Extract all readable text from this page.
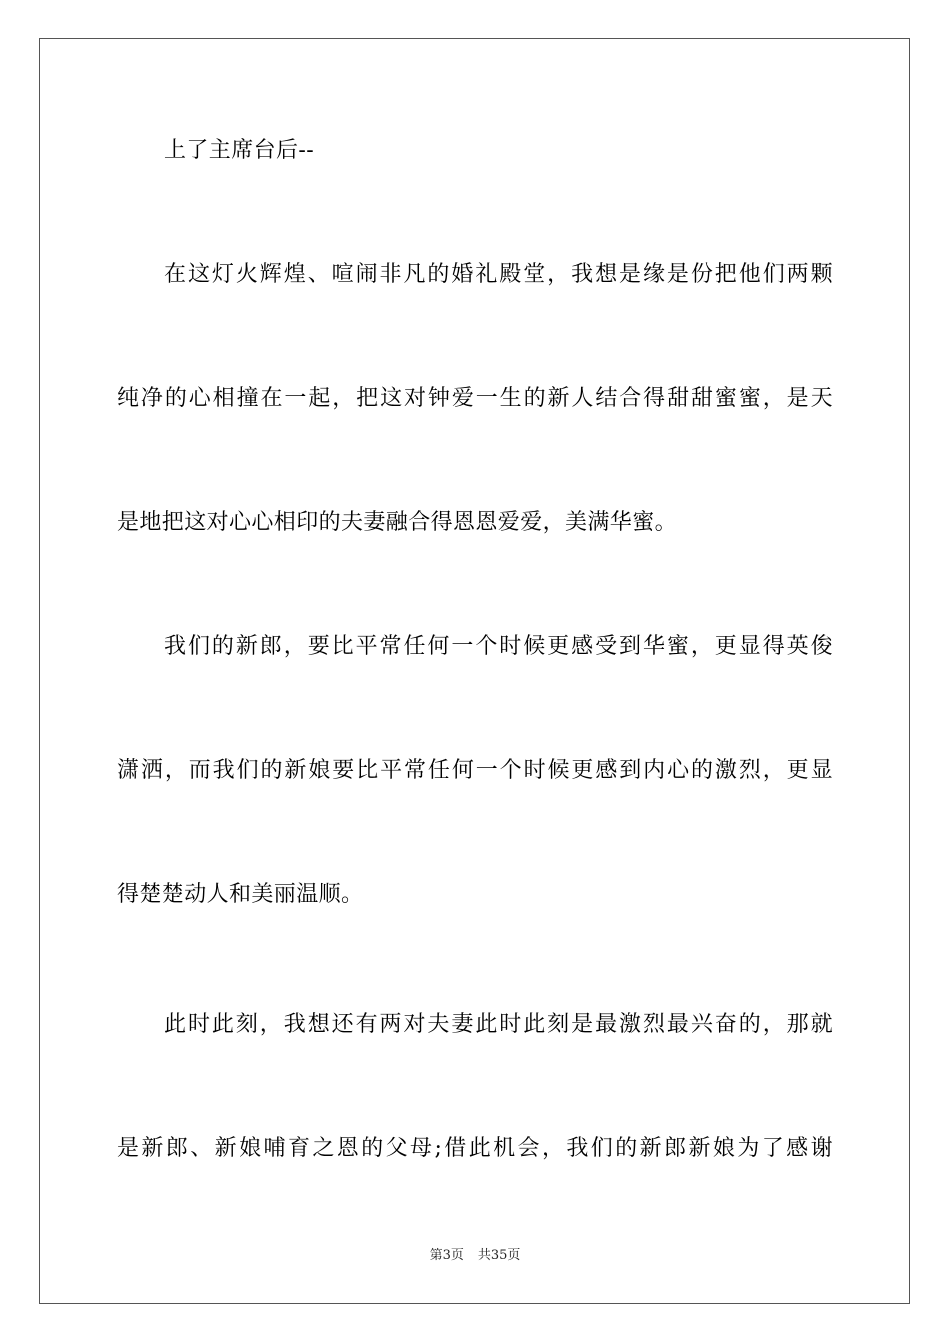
上了主席台后--
在这灯火辉煌、喧闹非凡的婚礼殿堂，我想是缘是份把他们两颗
纯净的心相撞在一起，把这对钟爱一生的新人结合得甜甜蜜蜜，是天
是地把这对心心相印的夫妻融合得恩恩爱爱，美满华蜜。
我们的新郎，要比平常任何一个时候更感受到华蜜，更显得英俊
潇洒，而我们的新娘要比平常任何一个时候更感到内心的激烈，更显
得楚楚动人和美丽温顺。
此时此刻，我想还有两对夫妻此时此刻是最激烈最兴奋的，那就
是新郎、新娘哺育之恩的父母;借此机会，我们的新郎新娘为了感谢
第3页 共35页
